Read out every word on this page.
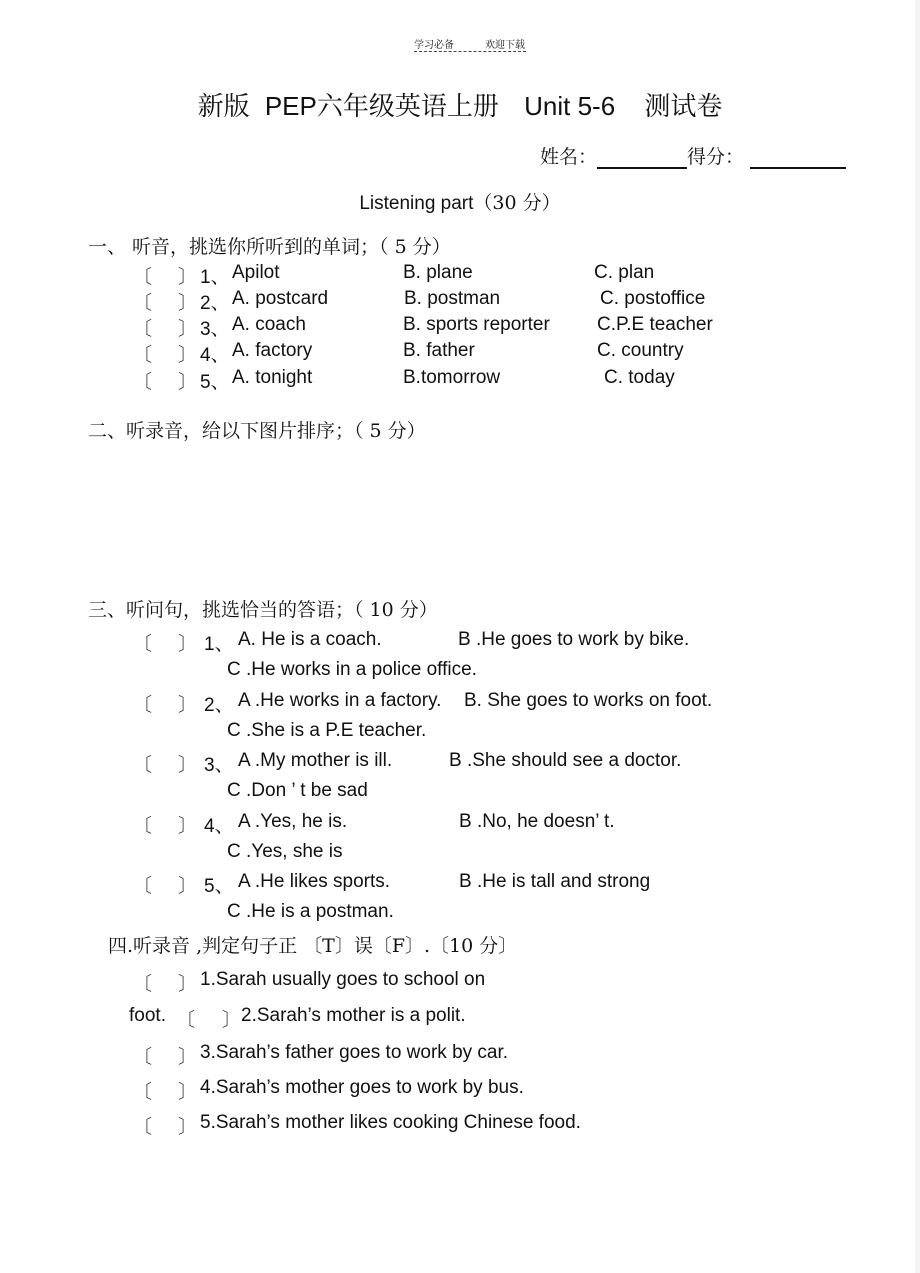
学习必备	欢迎下载
新版 PEP六年级英语上册 Unit 5-6 测试卷
姓名：	得分：
Listening part（30 分）
一、 听音，挑选你所听到的单词；（ 5 分）
〔 〕 1、 Apilot	B. plane	C. plan
〔 〕 2、 A. postcard	B. postman	C. postoffice
〔 〕 3、 A. coach	B. sports reporter C.P.E teacher
〔 〕 4、 A. factory	B. father	C. country
〔 〕 5、 A. tonight	B.tomorrow	C. today
二、听录音，给以下图片排序；（ 5 分）
三、听问句，挑选恰当的答语；（ 10 分）
〔 〕 1、 A. He is a coach.	B .He goes to work by bike.
C .He works in a police office.
〔 〕 2、 A .He works in a factory. B. She goes to works on foot.
C .She is a P.E teacher.
〔 〕 3、 A .My mother is ill.	B .She should see a doctor.
C .Don ’ t be sad
〔 〕 4、 A .Yes, he is.	B .No, he doesn’ t.
C .Yes, she is
〔 〕 5、 A .He likes sports.	B .He is tall and strong
C .He is a postman.
四.听录音 ,判定句子正 〔T〕误〔F〕.〔10 分〕
〔 〕 1.Sarah usually goes to school on
foot. 〔 〕 2.Sarah’s mother is a polit.
〔 〕 3.Sarah’s father goes to work by car.
〔 〕 4.Sarah’s mother goes to work by bus.
〔 〕 5.Sarah’s mother likes cooking Chinese food.
